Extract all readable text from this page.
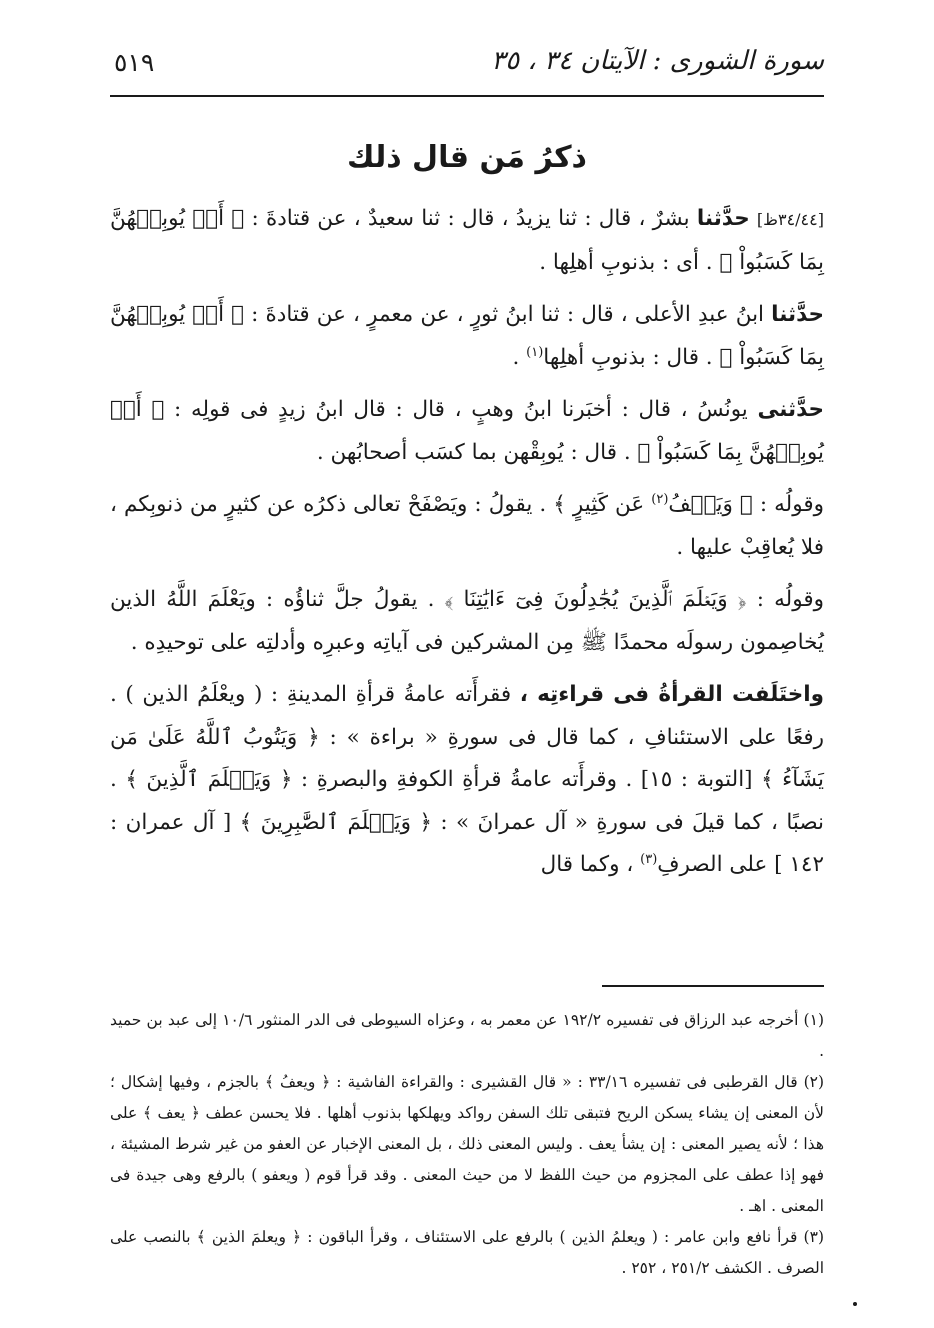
٥١٩	سورة الشورى : الآيتان ٣٤ ، ٣٥
ذكرُ مَن قال ذلك

[٣٤/٤٤ظ] حدَّثنا بشرٌ ، قال : ثنا يزيدُ ، قال : ثنا سعيدٌ ، عن قتادةَ : ﴿ أَوۡ يُوبِقۡهُنَّ بِمَا كَسَبُواْ ﴾ . أى : بذنوبِ أهلِها .

حدَّثنا ابنُ عبدِ الأعلى ، قال : ثنا ابنُ ثورٍ ، عن معمرٍ ، عن قتادةَ : ﴿ أَوۡ يُوبِقۡهُنَّ بِمَا كَسَبُواْ ﴾ . قال : بذنوبِ أهلِها$^{(١)}$ .

حدَّثنى يونُسُ ، قال : أخبَرنا ابنُ وهبٍ ، قال : قال ابنُ زيدٍ فى قولِه : ﴿ أَوۡ يُوبِقۡهُنَّ بِمَا كَسَبُواْ ﴾ . قال : يُوبِقْهن بما كسَب أصحابُهن .

وقولُه : ﴿ وَيَعۡفُ$^{(٢)}$ عَن كَثِيرٍ ﴾ . يقولُ : ويَصْفَحْ تعالى ذكرُه عن كثيرٍ من ذنوبِكم ، فلا يُعاقِبْ عليها .

وقولُه : ﴿ وَيَعۡلَمَ ٱلَّذِينَ يُجَٰدِلُونَ فِىٓ ءَايَٰتِنَا ﴾ . يقولُ جلَّ ثناؤُه : ويَعْلَمَ اللَّهُ الذين يُخاصِمون رسولَه محمدًا ﷺ مِن المشركين فى آياتِه وعبرِه وأدلتِه على توحيدِه .

واختَلَفت القرأةُ فى قراءتِه ، فقرأَته عامةُ قرأةِ المدينةِ : ( ويعْلَمُ الذين ) . رفعًا على الاستئنافِ ، كما قال فى سورةِ « براءة » : ﴿ وَيَتُوبُ ٱللَّهُ عَلَىٰ مَن يَشَآءُ ﴾ [التوبة : ١٥] . وقرأَته عامةُ قرأةِ الكوفةِ والبصرةِ : ﴿ وَيَعۡلَمَ ٱلَّذِينَ ﴾ . نصبًا ، كما قيلَ فى سورةِ « آل عمرانَ » : ﴿ وَيَعۡلَمَ ٱلصَّٰبِرِينَ ﴾ [ آل عمران : ١٤٢ ] على الصرفِ$^{(٣)}$ ، وكما قال

(١) أخرجه عبد الرزاق فى تفسيره ١٩٢/٢ عن معمر به ، وعزاه السيوطى فى الدر المنثور ١٠/٦ إلى عبد بن حميد .

(٢) قال القرطبى فى تفسيره ٣٣/١٦ : « قال القشيرى : والقراءة الفاشية : ﴿ ويعفُ ﴾ بالجزم ، وفيها إشكال ؛ لأن المعنى إن يشاء يسكن الريح فتبقى تلك السفن رواكد ويهلكها بذنوب أهلها . فلا يحسن عطف ﴿ يعف ﴾ على هذا ؛ لأنه يصير المعنى : إن يشأ يعف . وليس المعنى ذلك ، بل المعنى الإخبار عن العفو من غير شرط المشيئة ، فهو إذا عطف على المجزوم من حيث اللفظ لا من حيث المعنى . وقد قرأ قوم ( ويعفو ) بالرفع وهى جيدة فى المعنى . اهـ .

(٣) قرأ نافع وابن عامر : ( ويعلمُ الذين ) بالرفع على الاستئناف ، وقرأ الباقون : ﴿ ويعلمَ الذين ﴾ بالنصب على الصرف . الكشف ٢٥١/٢ ، ٢٥٢ .
